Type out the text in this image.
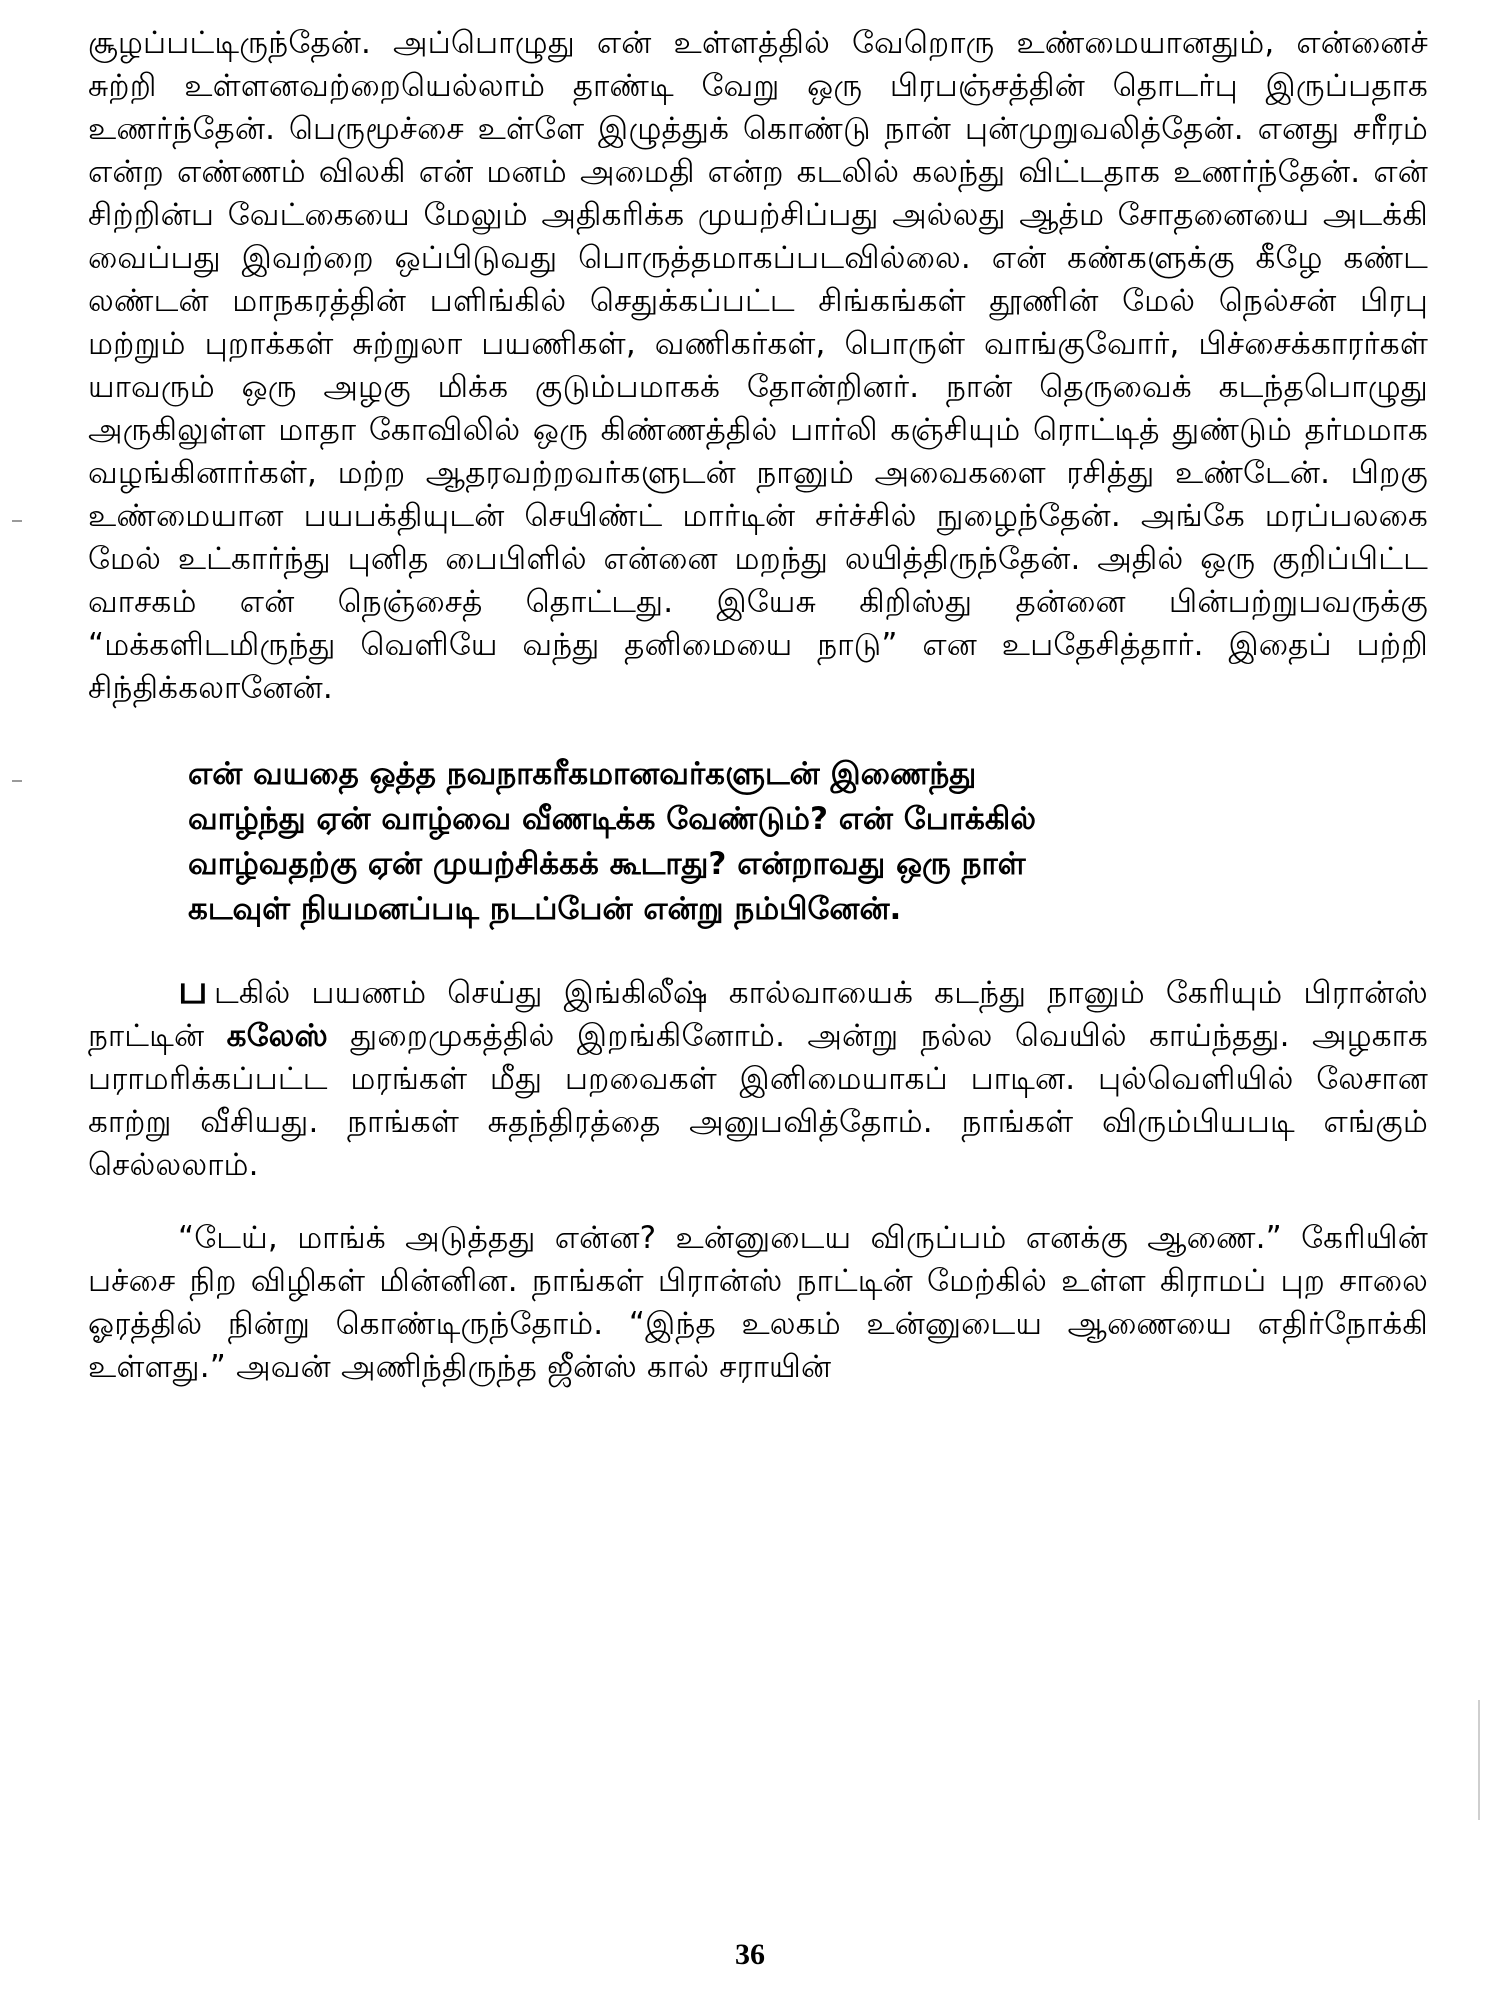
சூழப்பட்டிருந்தேன். அப்பொழுது என் உள்ளத்தில் வேறொரு உண்மையானதும், என்னைச் சுற்றி உள்ளனவற்றையெல்லாம் தாண்டி வேறு ஒரு பிரபஞ்சத்தின் தொடர்பு இருப்பதாக உணர்ந்தேன். பெருமூச்சை உள்ளே இழுத்துக் கொண்டு நான் புன்முறுவலித்தேன். எனது சரீரம் என்ற எண்ணம் விலகி என் மனம் அமைதி என்ற கடலில் கலந்து விட்டதாக உணர்ந்தேன். என் சிற்றின்ப வேட்கையை மேலும் அதிகரிக்க முயற்சிப்பது அல்லது ஆத்ம சோதனையை அடக்கி வைப்பது இவற்றை ஒப்பிடுவது பொருத்தமாகப்படவில்லை. என் கண்களுக்கு கீழே கண்ட லண்டன் மாநகரத்தின் பளிங்கில் செதுக்கப்பட்ட சிங்கங்கள் தூணின் மேல் நெல்சன் பிரபு மற்றும் புறாக்கள் சுற்றுலா பயணிகள், வணிகர்கள், பொருள் வாங்குவோர், பிச்சைக்காரர்கள் யாவரும் ஒரு அழகு மிக்க குடும்பமாகக் தோன்றினர். நான் தெருவைக் கடந்தபொழுது அருகிலுள்ள மாதா கோவிலில் ஒரு கிண்ணத்தில் பார்லி கஞ்சியும் ரொட்டித் துண்டும் தர்மமாக வழங்கினார்கள், மற்ற ஆதரவற்றவர்களுடன் நானும் அவைகளை ரசித்து உண்டேன். பிறகு உண்மையான பயபக்தியுடன் செயிண்ட் மார்டின் சர்ச்சில் நுழைந்தேன். அங்கே மரப்பலகை மேல் உட்கார்ந்து புனித பைபிளில் என்னை மறந்து லயித்திருந்தேன். அதில் ஒரு குறிப்பிட்ட வாசகம் என் நெஞ்சைத் தொட்டது. இயேசு கிறிஸ்து தன்னை பின்பற்றுபவருக்கு “மக்களிடமிருந்து வெளியே வந்து தனிமையை நாடு” என உபதேசித்தார். இதைப் பற்றி சிந்திக்கலானேன்.

என் வயதை ஒத்த நவநாகரீகமானவர்களுடன் இணைந்து
வாழ்ந்து ஏன் வாழ்வை வீணடிக்க வேண்டும்? என் போக்கில்
வாழ்வதற்கு ஏன் முயற்சிக்கக் கூடாது? என்றாவது ஒரு நாள்
கடவுள் நியமனப்படி நடப்பேன் என்று நம்பினேன்.

ப டகில் பயணம் செய்து இங்கிலீஷ் கால்வாயைக் கடந்து நானும் கேரியும் பிரான்ஸ் நாட்டின் கலேஸ் துறைமுகத்தில் இறங்கினோம். அன்று நல்ல வெயில் காய்ந்தது. அழகாக பராமரிக்கப்பட்ட மரங்கள் மீது பறவைகள் இனிமையாகப் பாடின. புல்வெளியில் லேசான காற்று வீசியது. நாங்கள் சுதந்திரத்தை அனுபவித்தோம். நாங்கள் விரும்பியபடி எங்கும் செல்லலாம்.

“டேய், மாங்க் அடுத்தது என்ன? உன்னுடைய விருப்பம் எனக்கு ஆணை.” கேரியின் பச்சை நிற விழிகள் மின்னின. நாங்கள் பிரான்ஸ் நாட்டின் மேற்கில் உள்ள கிராமப் புற சாலை ஓரத்தில் நின்று கொண்டிருந்தோம். “இந்த உலகம் உன்னுடைய ஆணையை எதிர்நோக்கி உள்ளது.” அவன் அணிந்திருந்த ஜீன்ஸ் கால் சராயின்

36
